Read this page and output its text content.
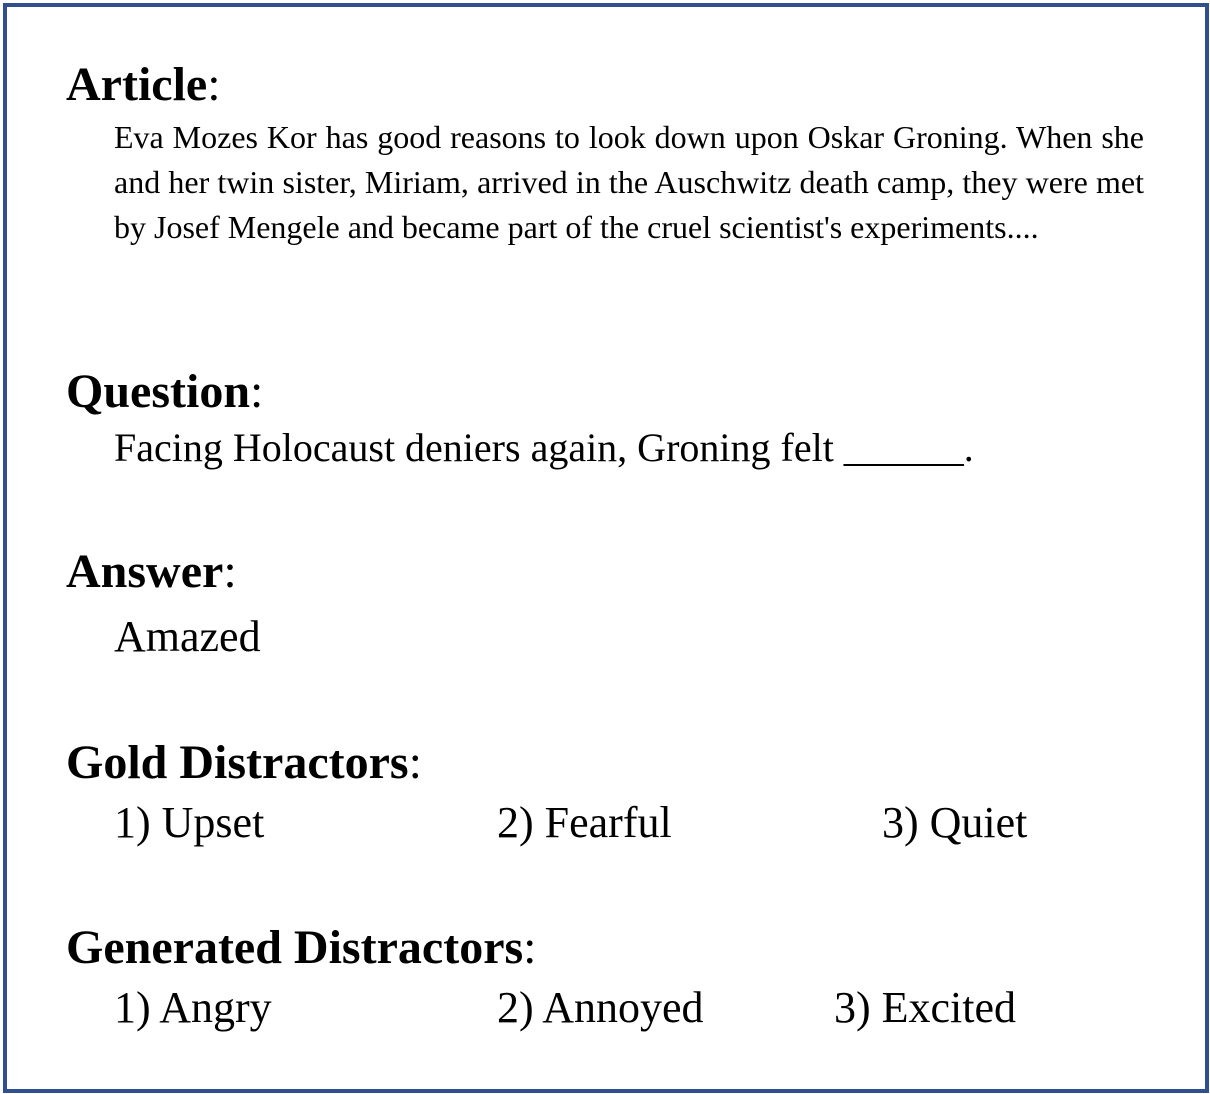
Article:
Eva Mozes Kor has good reasons to look down upon Oskar Groning. When she and her twin sister, Miriam, arrived in the Auschwitz death camp, they were met by Josef Mengele and became part of the cruel scientist's experiments....
Question:
Facing Holocaust deniers again, Groning felt ______.
Answer:
Amazed
Gold Distractors:
1) Upset	2) Fearful	3) Quiet
Generated Distractors:
1) Angry	2) Annoyed	3) Excited
